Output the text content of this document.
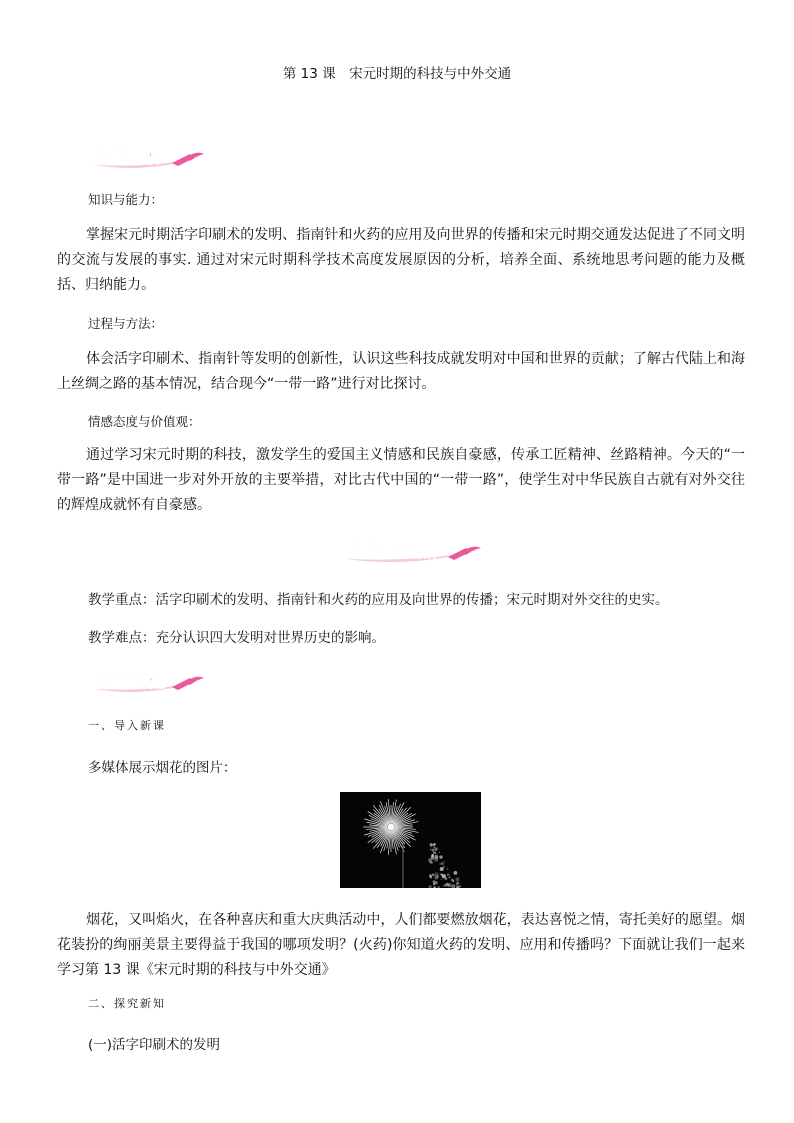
第 13 课　宋元时期的科技与中外交通
教学目标
知识与能力：
掌握宋元时期活字印刷术的发明、指南针和火药的应用及向世界的传播和宋元时期交通发达促进了不同文明的交流与发展的事实. 通过对宋元时期科学技术高度发展原因的分析，培养全面、系统地思考问题的能力及概括、归纳能力。
过程与方法：
体会活字印刷术、指南针等发明的创新性，认识这些科技成就发明对中国和世界的贡献；了解古代陆上和海上丝绸之路的基本情况，结合现今“一带一路”进行对比探讨。
情感态度与价值观：
通过学习宋元时期的科技，激发学生的爱国主义情感和民族自豪感，传承工匠精神、丝路精神。今天的“一带一路”是中国进一步对外开放的主要举措，对比古代中国的“一带一路”，使学生对中华民族自古就有对外交往的辉煌成就怀有自豪感。
教学重难点
教学重点：活字印刷术的发明、指南针和火药的应用及向世界的传播；宋元时期对外交往的史实。
教学难点：充分认识四大发明对世界历史的影响。
教学过程
一、导入新课
多媒体展示烟花的图片：
烟花，又叫焰火，在各种喜庆和重大庆典活动中，人们都要燃放烟花，表达喜悦之情，寄托美好的愿望。烟花装扮的绚丽美景主要得益于我国的哪项发明？(火药)你知道火药的发明、应用和传播吗？下面就让我们一起来学习第 13 课《宋元时期的科技与中外交通》
二、探究新知
(一)活字印刷术的发明
